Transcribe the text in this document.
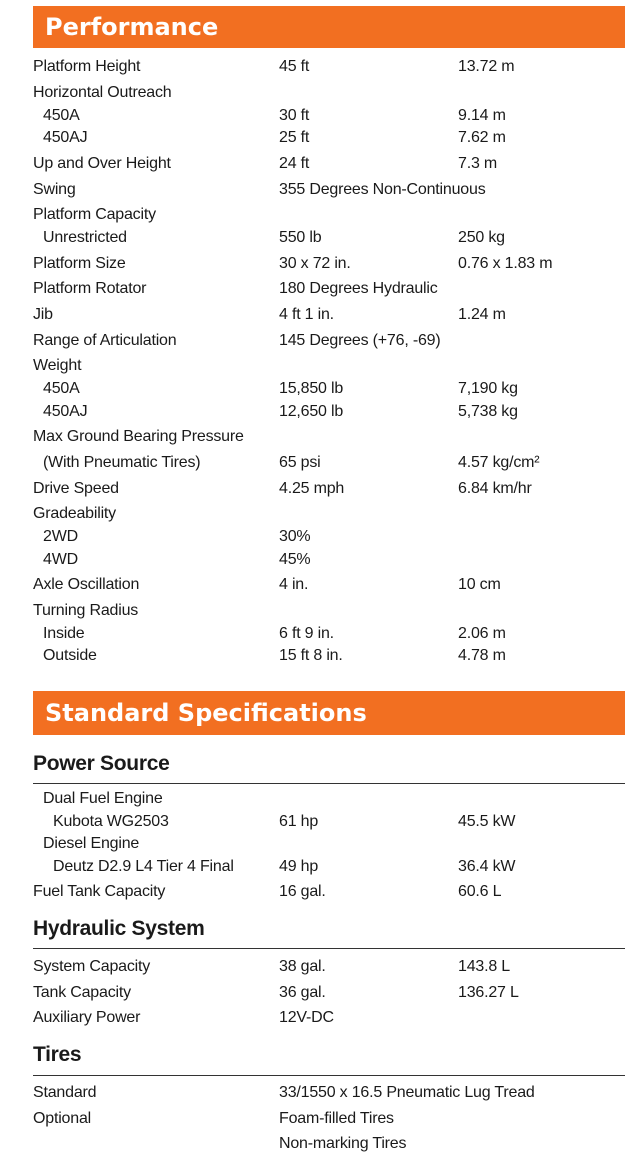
Performance
Platform Height	45 ft	13.72 m
Horizontal Outreach
450A	30 ft	9.14 m
450AJ	25 ft	7.62 m
Up and Over Height	24 ft	7.3 m
Swing	355 Degrees Non-Continuous
Platform Capacity
Unrestricted	550 lb	250 kg
Platform Size	30 x 72 in.	0.76 x 1.83 m
Platform Rotator	180 Degrees Hydraulic
Jib	4 ft 1 in.	1.24 m
Range of Articulation	145 Degrees (+76, -69)
Weight
450A	15,850 lb	7,190 kg
450AJ	12,650 lb	5,738 kg
Max Ground Bearing Pressure
(With Pneumatic Tires)	65 psi	4.57 kg/cm²
Drive Speed	4.25 mph	6.84 km/hr
Gradeability
2WD	30%
4WD	45%
Axle Oscillation	4 in.	10 cm
Turning Radius
Inside	6 ft 9 in.	2.06 m
Outside	15 ft 8 in.	4.78 m
Standard Specifications
Power Source
Dual Fuel Engine
Kubota WG2503	61 hp	45.5 kW
Diesel Engine
Deutz D2.9 L4 Tier 4 Final	49 hp	36.4 kW
Fuel Tank Capacity	16 gal.	60.6 L
Hydraulic System
System Capacity	38 gal.	143.8 L
Tank Capacity	36 gal.	136.27 L
Auxiliary Power	12V-DC
Tires
Standard	33/1550 x 16.5 Pneumatic Lug Tread
Optional	Foam-filled Tires
Non-marking Tires
